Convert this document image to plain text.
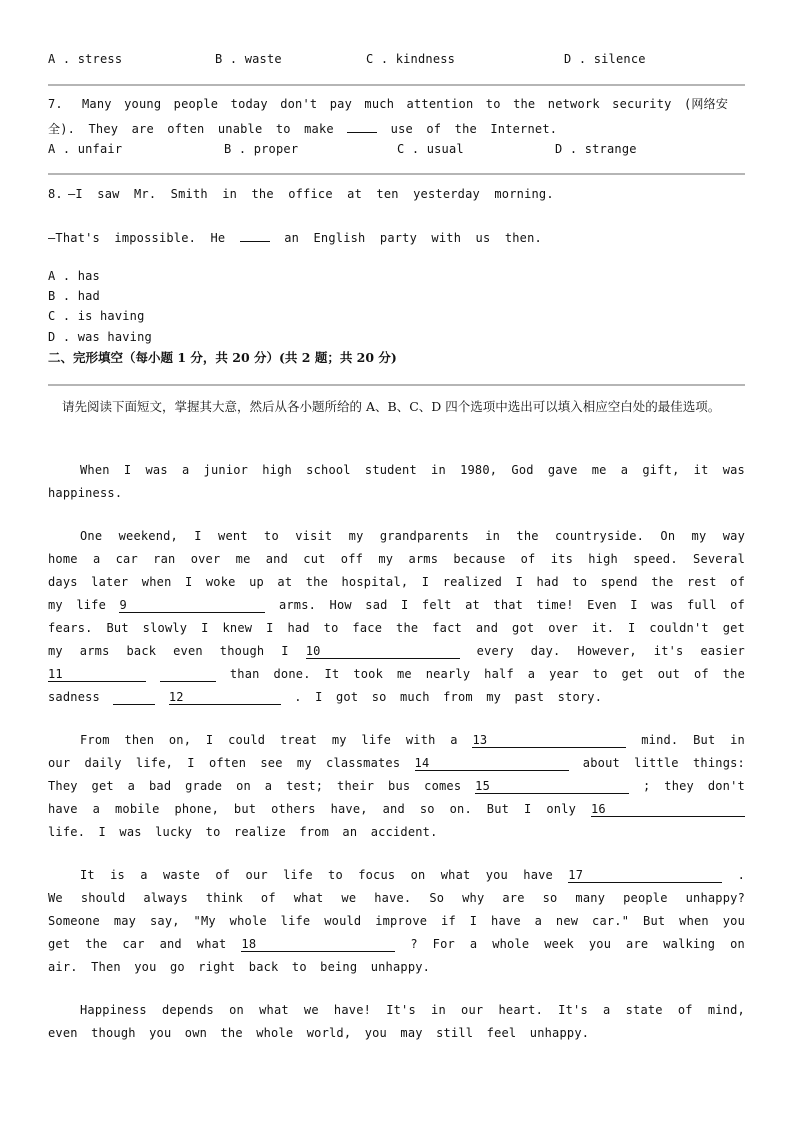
A . stress	B . waste	C . kindness	D . silence
7. Many young people today don't pay much attention to the network security (网络安
全). They are often unable to make	use of the Internet.
A . unfair	B . proper	C . usual	D . strange
8. —I saw Mr. Smith in the office at ten yesterday morning.
—That's impossible. He	an English party with us then.
A . has
B . had
C . is having
D . was having
二、完形填空（每小题 1 分，共 20 分）(共 2 题；共 20 分)
请先阅读下面短文，掌握其大意，然后从各小题所给的 A、B、C、D 四个选项中选出可以填入相应空白处的最佳选项。
When I was a junior high school student in 1980, God gave me a gift, it was happiness.
One weekend, I went to visit my grandparents in the countryside. On my way home a car ran over me and cut off my arms because of its high speed. Several days later when I woke up at the hospital, I realized I had to spend the rest of my life 9	arms. How sad I felt at that time! Even I was full of fears. But slowly I knew I had to face the fact and got over it. I couldn't get my arms back even though I 10	every day. However, it's easier 11	than done. It took me nearly half a year to get out of the sadness	12	. I got so much from my past story.
From then on, I could treat my life with a 13	mind. But in our daily life, I often see my classmates 14	about little things: They get a bad grade on a test; their bus comes 15	; they don't have a mobile phone, but others have, and so on. But I only 16 life. I was lucky to realize from an accident.
It is a waste of our life to focus on what you have 17	. We should always think of what we have. So why are so many people unhappy? Someone may say, "My whole life would improve if I have a new car." But when you get the car and what 18	? For a whole week you are walking on air. Then you go right back to being unhappy.
Happiness depends on what we have! It's in our heart. It's a state of mind, even though you own the whole world, you may still feel unhappy.
